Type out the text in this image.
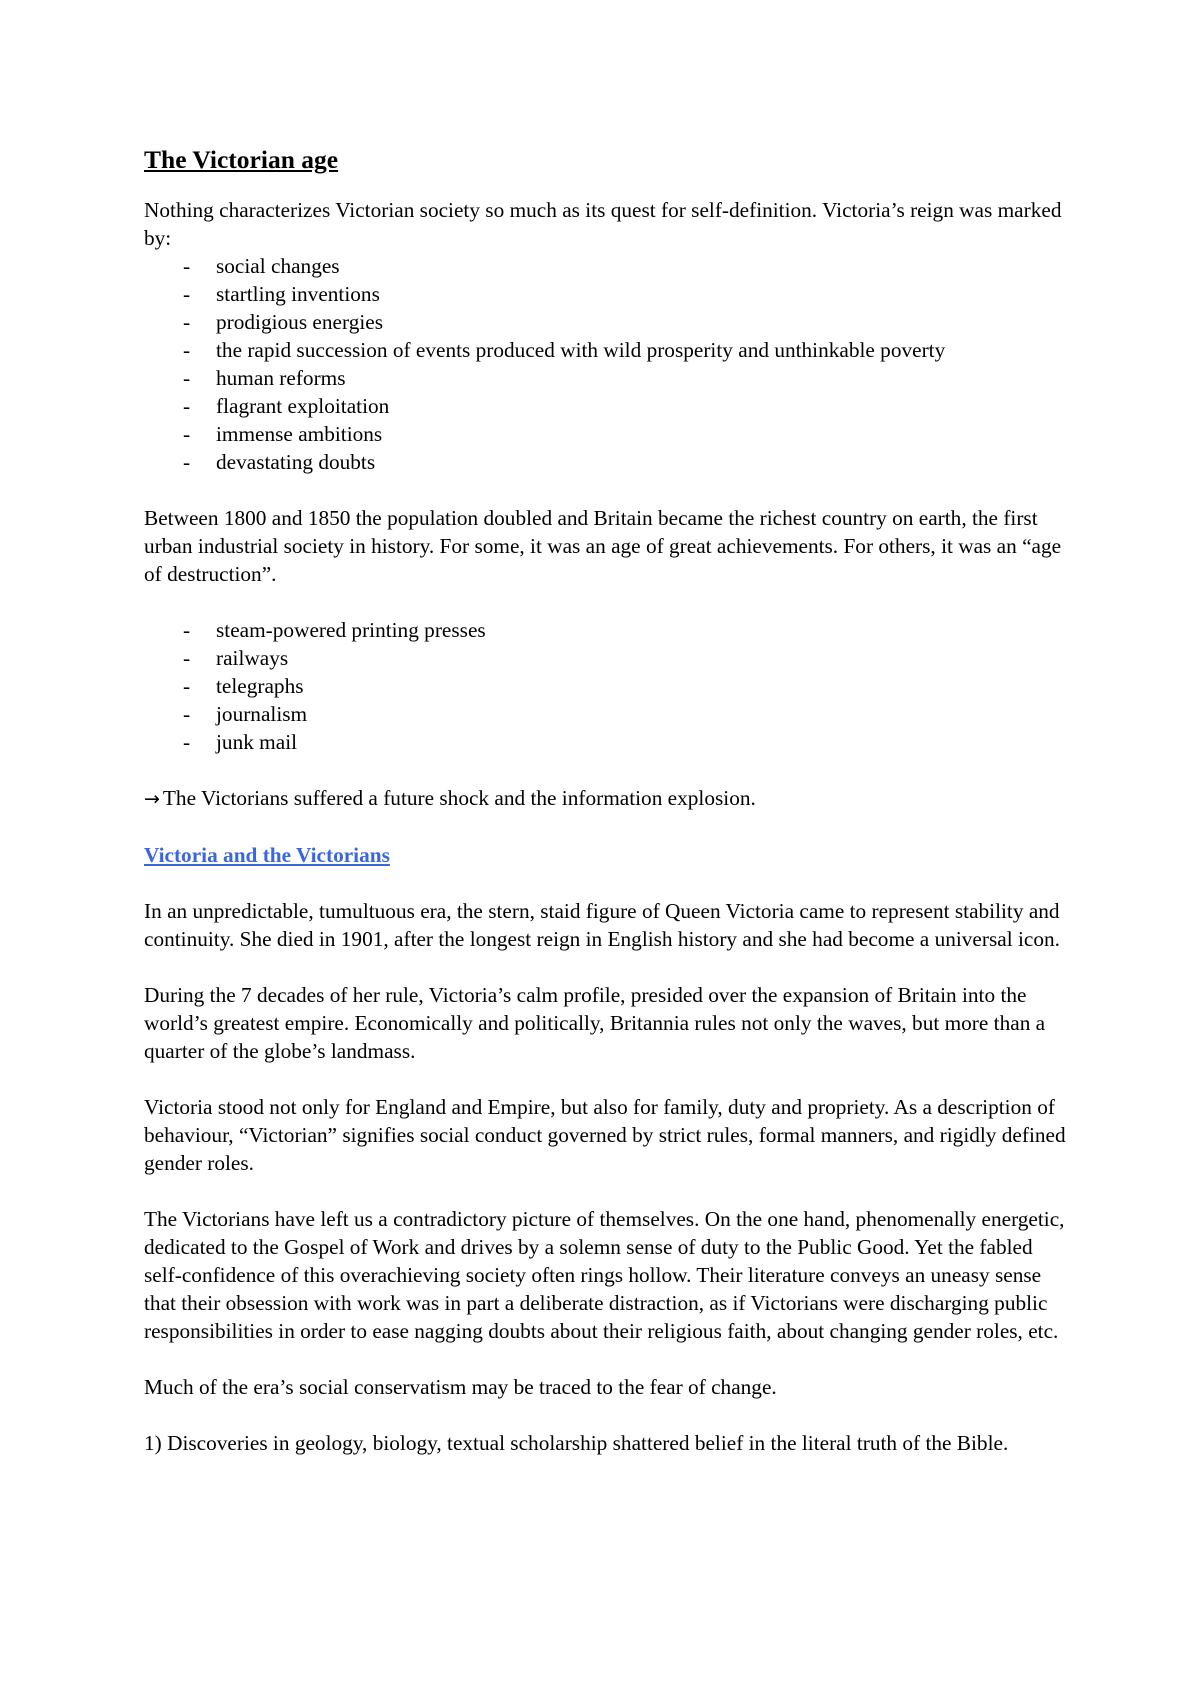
The Victorian age

Nothing characterizes Victorian society so much as its quest for self-definition. Victoria’s reign was marked by:

- social changes
- startling inventions
- prodigious energies
- the rapid succession of events produced with wild prosperity and unthinkable poverty
- human reforms
- flagrant exploitation
- immense ambitions
- devastating doubts

Between 1800 and 1850 the population doubled and Britain became the richest country on earth, the first urban industrial society in history. For some, it was an age of great achievements. For others, it was an “age of destruction”.

- steam-powered printing presses
- railways
- telegraphs
- journalism
- junk mail

→ The Victorians suffered a future shock and the information explosion.

Victoria and the Victorians

In an unpredictable, tumultuous era, the stern, staid figure of Queen Victoria came to represent stability and continuity. She died in 1901, after the longest reign in English history and she had become a universal icon.

During the 7 decades of her rule, Victoria’s calm profile, presided over the expansion of Britain into the world’s greatest empire. Economically and politically, Britannia rules not only the waves, but more than a quarter of the globe’s landmass.

Victoria stood not only for England and Empire, but also for family, duty and propriety. As a description of behaviour, “Victorian” signifies social conduct governed by strict rules, formal manners, and rigidly defined gender roles.

The Victorians have left us a contradictory picture of themselves. On the one hand, phenomenally energetic, dedicated to the Gospel of Work and drives by a solemn sense of duty to the Public Good. Yet the fabled self-confidence of this overachieving society often rings hollow. Their literature conveys an uneasy sense that their obsession with work was in part a deliberate distraction, as if Victorians were discharging public responsibilities in order to ease nagging doubts about their religious faith, about changing gender roles, etc.

Much of the era’s social conservatism may be traced to the fear of change.

1) Discoveries in geology, biology, textual scholarship shattered belief in the literal truth of the Bible.
